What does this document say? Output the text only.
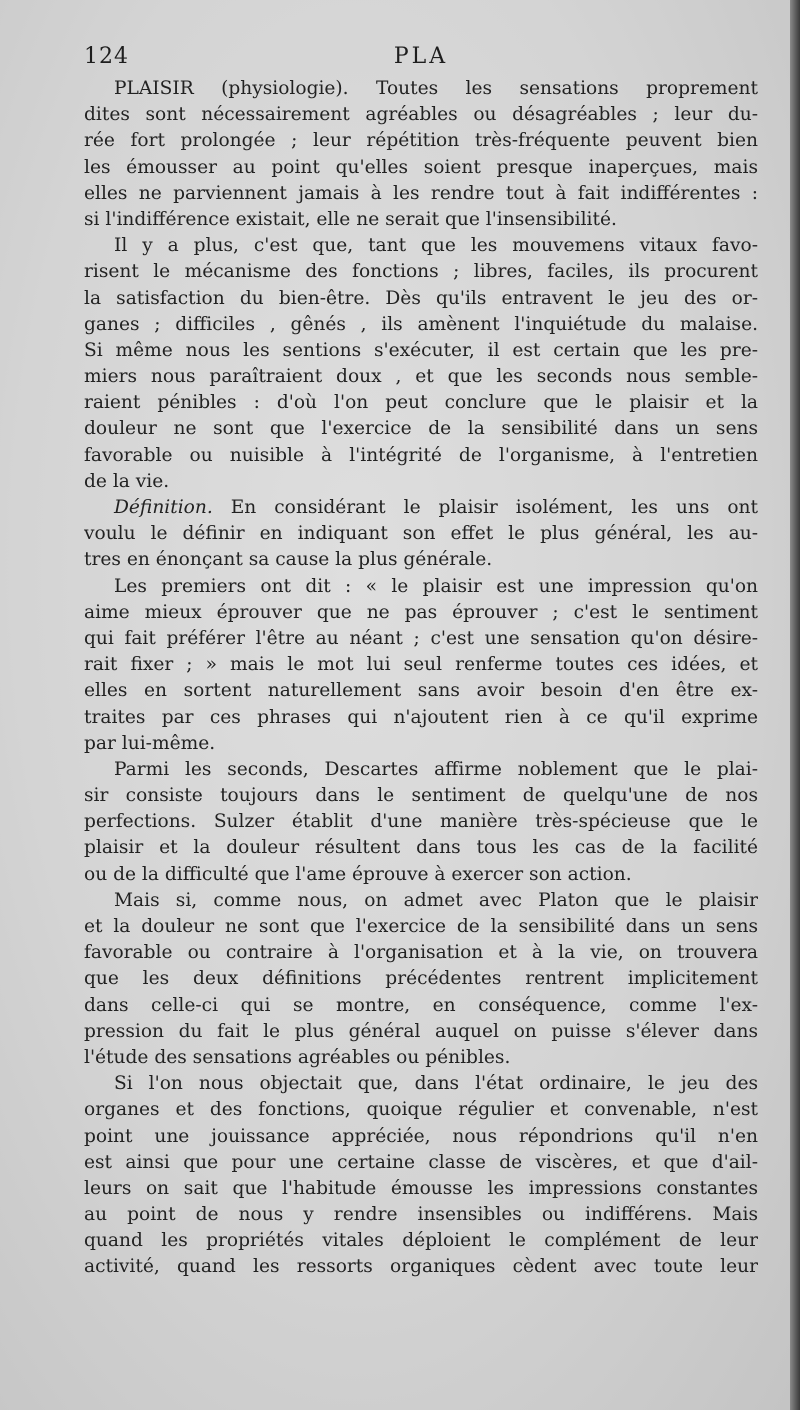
124	PLA
PLAISIR (physiologie). Toutes les sensations proprement
dites sont nécessairement agréables ou désagréables ; leur du-
rée fort prolongée ; leur répétition très-fréquente peuvent bien
les émousser au point qu'elles soient presque inaperçues, mais
elles ne parviennent jamais à les rendre tout à fait indifférentes :
si l'indifférence existait, elle ne serait que l'insensibilité.
Il y a plus, c'est que, tant que les mouvemens vitaux favo-
risent le mécanisme des fonctions ; libres, faciles, ils procurent
la satisfaction du bien-être. Dès qu'ils entravent le jeu des or-
ganes ; difficiles , gênés , ils amènent l'inquiétude du malaise.
Si même nous les sentions s'exécuter, il est certain que les pre-
miers nous paraîtraient doux , et que les seconds nous semble-
raient pénibles : d'où l'on peut conclure que le plaisir et la
douleur ne sont que l'exercice de la sensibilité dans un sens
favorable ou nuisible à l'intégrité de l'organisme, à l'entretien
de la vie.
Définition. En considérant le plaisir isolément, les uns ont
voulu le définir en indiquant son effet le plus général, les au-
tres en énonçant sa cause la plus générale.
Les premiers ont dit : « le plaisir est une impression qu'on
aime mieux éprouver que ne pas éprouver ; c'est le sentiment
qui fait préférer l'être au néant ; c'est une sensation qu'on désire-
rait fixer ; » mais le mot lui seul renferme toutes ces idées, et
elles en sortent naturellement sans avoir besoin d'en être ex-
traites par ces phrases qui n'ajoutent rien à ce qu'il exprime
par lui-même.
Parmi les seconds, Descartes affirme noblement que le plai-
sir consiste toujours dans le sentiment de quelqu'une de nos
perfections. Sulzer établit d'une manière très-spécieuse que le
plaisir et la douleur résultent dans tous les cas de la facilité
ou de la difficulté que l'ame éprouve à exercer son action.
Mais si, comme nous, on admet avec Platon que le plaisir
et la douleur ne sont que l'exercice de la sensibilité dans un sens
favorable ou contraire à l'organisation et à la vie, on trouvera
que les deux définitions précédentes rentrent implicitement
dans celle-ci qui se montre, en conséquence, comme l'ex-
pression du fait le plus général auquel on puisse s'élever dans
l'étude des sensations agréables ou pénibles.
Si l'on nous objectait que, dans l'état ordinaire, le jeu des
organes et des fonctions, quoique régulier et convenable, n'est
point une jouissance appréciée, nous répondrions qu'il n'en
est ainsi que pour une certaine classe de viscères, et que d'ail-
leurs on sait que l'habitude émousse les impressions constantes
au point de nous y rendre insensibles ou indifférens. Mais
quand les propriétés vitales déploient le complément de leur
activité, quand les ressorts organiques cèdent avec toute leur
